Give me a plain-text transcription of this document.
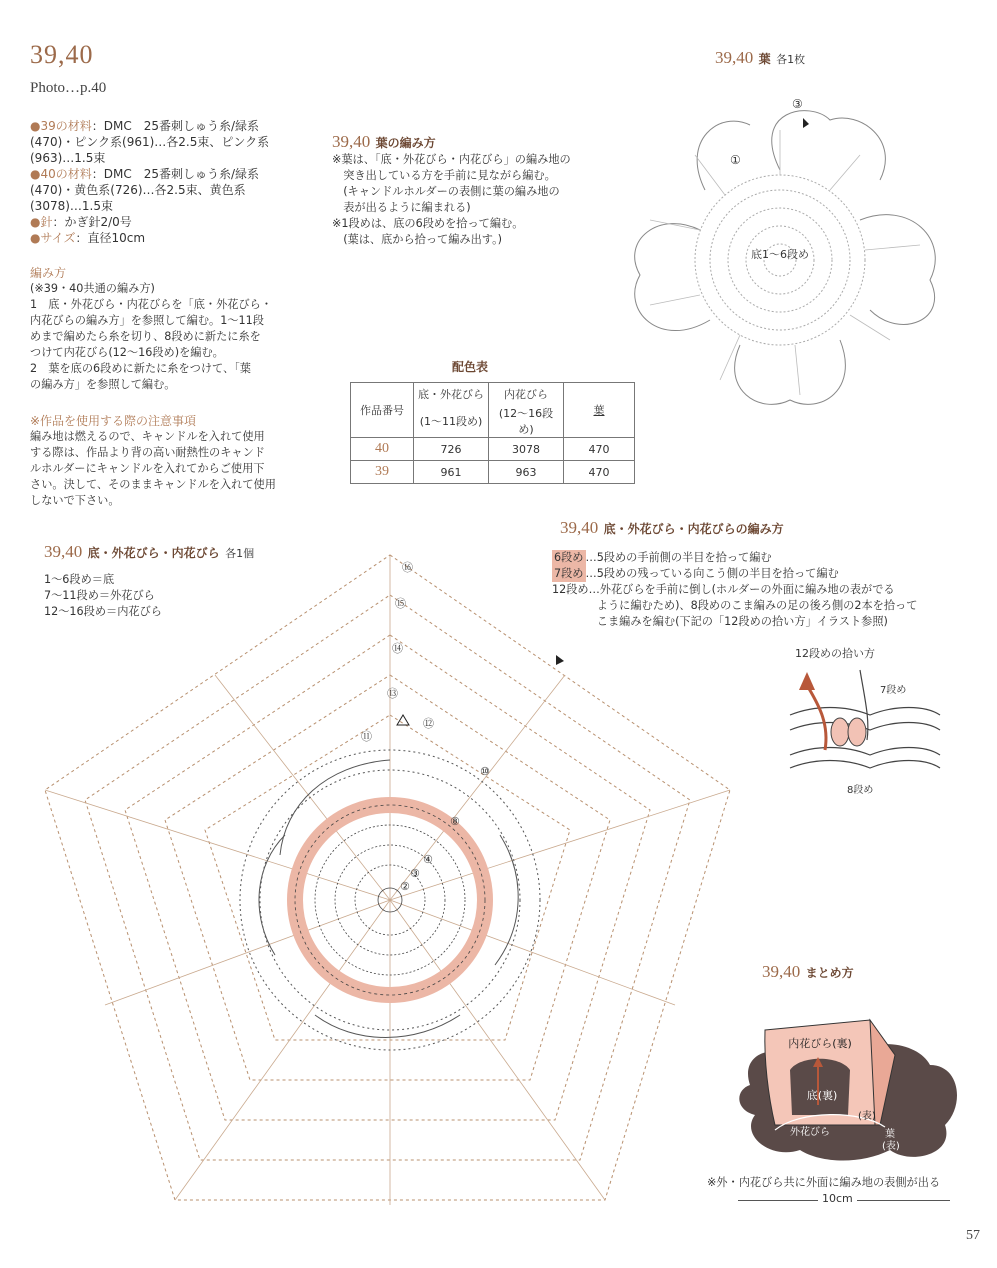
39,40
Photo…p.40
●39の材料：DMC　25番刺しゅう糸/緑系
(470)・ピンク系(961)…各2.5束、ピンク系
(963)…1.5束
●40の材料：DMC　25番刺しゅう糸/緑系
(470)・黄色系(726)…各2.5束、黄色系
(3078)…1.5束
●針：かぎ針2/0号
●サイズ：直径10cm
編み方
(※39・40共通の編み方)
1　底・外花びら・内花びらを「底・外花びら・
内花びらの編み方」を参照して編む。1～11段
めまで編めたら糸を切り、8段めに新たに糸を
つけて内花びら(12～16段め)を編む。
2　葉を底の6段めに新たに糸をつけて、「葉
の編み方」を参照して編む。
※作品を使用する際の注意事項
編み地は燃えるので、キャンドルを入れて使用
する際は、作品より背の高い耐熱性のキャンド
ルホルダーにキャンドルを入れてからご使用下
さい。決して、そのままキャンドルを入れて使用
しないで下さい。
39,40 葉の編み方
※葉は、「底・外花びら・内花びら」の編み地の
　突き出している方を手前に見ながら編む。
　(キャンドルホルダーの表側に葉の編み地の
　表が出るように編まれる)
※1段めは、底の6段めを拾って編む。
　(葉は、底から拾って編み出す。)
39,40 葉 各1枚
底1～6段め
①
③
配色表
作品番号	底・外花びら	内花びら	葉
	(1～11段め)	(12～16段め)	
40	726	3078	470
39	961	963	470
39,40 底・外花びら・内花びらの編み方
6段め …5段めの手前側の半目を拾って編む
7段め …5段めの残っている向こう側の半目を拾って編む
12段め…外花びらを手前に倒し(ホルダーの外面に編み地の表がでる
　　　　ように編むため)、8段めのこま編みの足の後ろ側の2本を拾って
　　　　こま編みを編む(下記の「12段めの拾い方」イラスト参照)
12段めの拾い方
7段め
8段め
39,40 底・外花びら・内花びら 各1個
1～6段め＝底
7～11段め＝外花びら
12～16段め＝内花びら
②
③
④
⑧
⑩
⑪
⑫
⑬
⑭
⑮
⑯
39,40 まとめ方
内花びら(裏)
底(裏)
(表)
外花びら	葉
(表)
※外・内花びら共に外面に編み地の表側が出る
10cm
57
